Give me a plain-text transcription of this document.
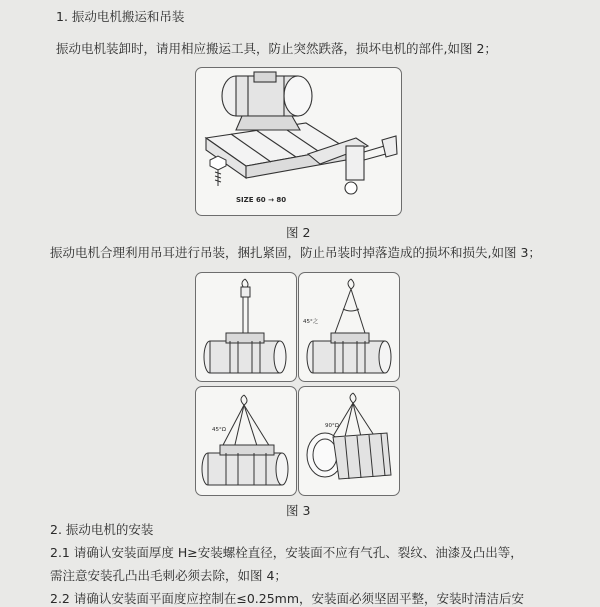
1. 振动电机搬运和吊装
振动电机装卸时，请用相应搬运工具，防止突然跌落，损坏电机的部件,如图 2；
SIZE 60 → 80
图 2
振动电机合理利用吊耳进行吊装，捆扎紧固，防止吊装时掉落造成的损坏和损失,如图 3；
45°之
45°Ω
90°Ω
图 3
2. 振动电机的安装
2.1 请确认安装面厚度 H≥安装螺栓直径，安装面不应有气孔、裂纹、油漆及凸出等，
需注意安装孔凸出毛刺必须去除，如图 4；
2.2 请确认安装面平面度应控制在≤0.25mm，安装面必须坚固平整，安装时清洁后安
